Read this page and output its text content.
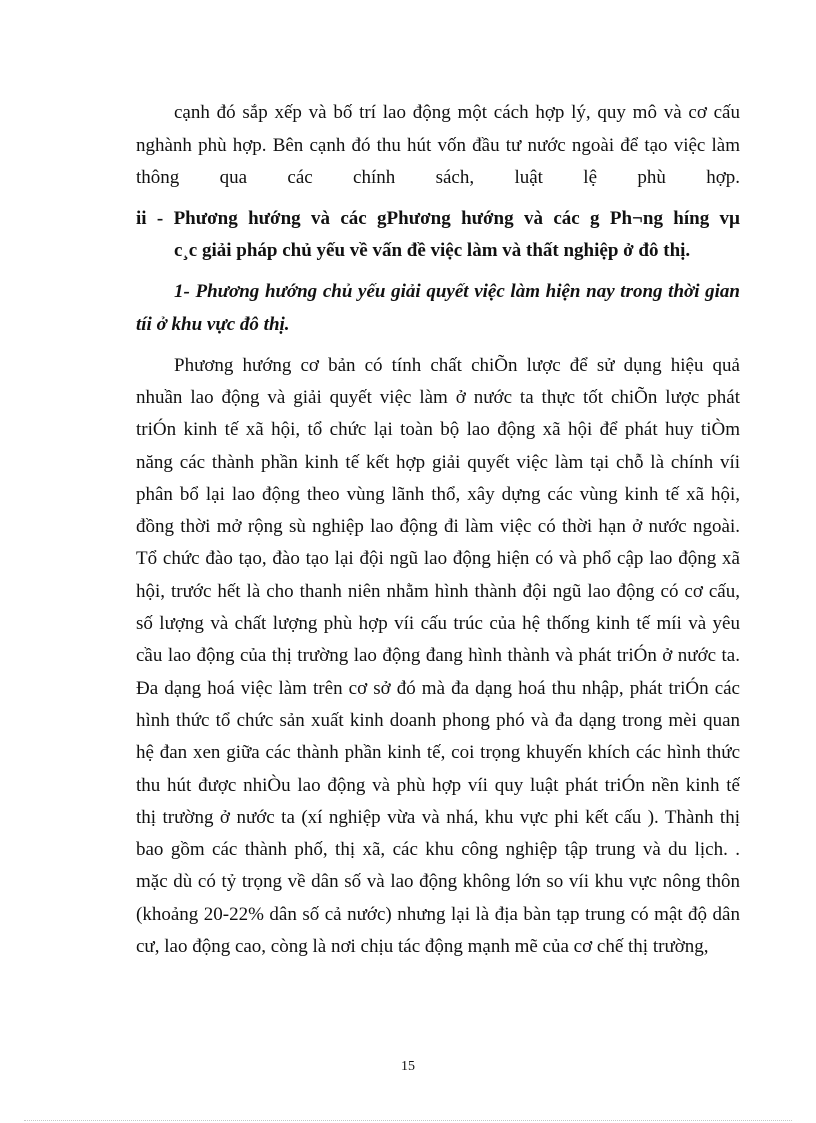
cạnh đó sắp xếp và bố trí lao động một cách hợp lý, quy mô và cơ cấu
nghành phù hợp. Bên cạnh đó thu hút vốn đầu tư nước ngoài để tạo việc làm
thông qua các chính sách, luật lệ phù hợp.
ii - Phương hướng và các gPhương hướng và các g Ph¬ng híng vµ
c¸c giải pháp chủ yếu về vấn đề việc làm và thất nghiệp ở đô thị.
1- Phương hướng chủ yếu giải quyết việc làm hiện nay trong thời gian
tíi ở khu vực đô thị.
Phương hướng cơ bản có tính chất chiÕn lược để sử dụng hiệu quả
nhuần lao động và giải quyết việc làm ở nước ta thực tốt chiÕn lược phát
triÓn kinh tế xã hội, tổ chức lại toàn bộ lao động xã hội để phát huy tiÒm
năng các thành phần kinh tế kết hợp giải quyết việc làm tại chỗ là chính víi
phân bổ lại lao động theo vùng lãnh thổ, xây dựng các vùng kinh tế xã hội,
đồng thời mở rộng sù nghiệp lao động đi làm việc có thời hạn ở nước ngoài.
Tổ chức đào tạo, đào tạo lại đội ngũ lao động hiện có và phổ cập lao động xã
hội, trước hết là cho thanh niên nhằm hình thành đội ngũ lao động có cơ cấu,
số lượng và chất lượng phù hợp víi cấu trúc của hệ thống kinh tế míi và yêu
cầu lao động của thị trường lao động đang hình thành và phát triÓn ở nước ta.
Đa dạng hoá việc làm trên cơ sở đó mà đa dạng hoá thu nhập, phát triÓn các
hình thức tổ chức sản xuất kinh doanh phong phó và đa dạng trong mèi quan
hệ đan xen giữa các thành phần kinh tế, coi trọng khuyến khích các hình thức
thu hút được nhiÒu lao động và phù hợp víi quy luật phát triÓn nền kinh tế
thị trường ở nước ta (xí nghiệp vừa và nhá, khu vực phi kết cấu ). Thành thị
bao gồm các thành phố, thị xã, các khu công nghiệp tập trung và du lịch. .
mặc dù có tỷ trọng về dân số và lao động không lớn so víi khu vực nông thôn
(khoảng 20-22% dân số cả nước) nhưng lại là địa bàn tạp trung có mật độ dân
cư, lao động cao, còng là nơi chịu tác động mạnh mẽ của cơ chế thị trường,
15
